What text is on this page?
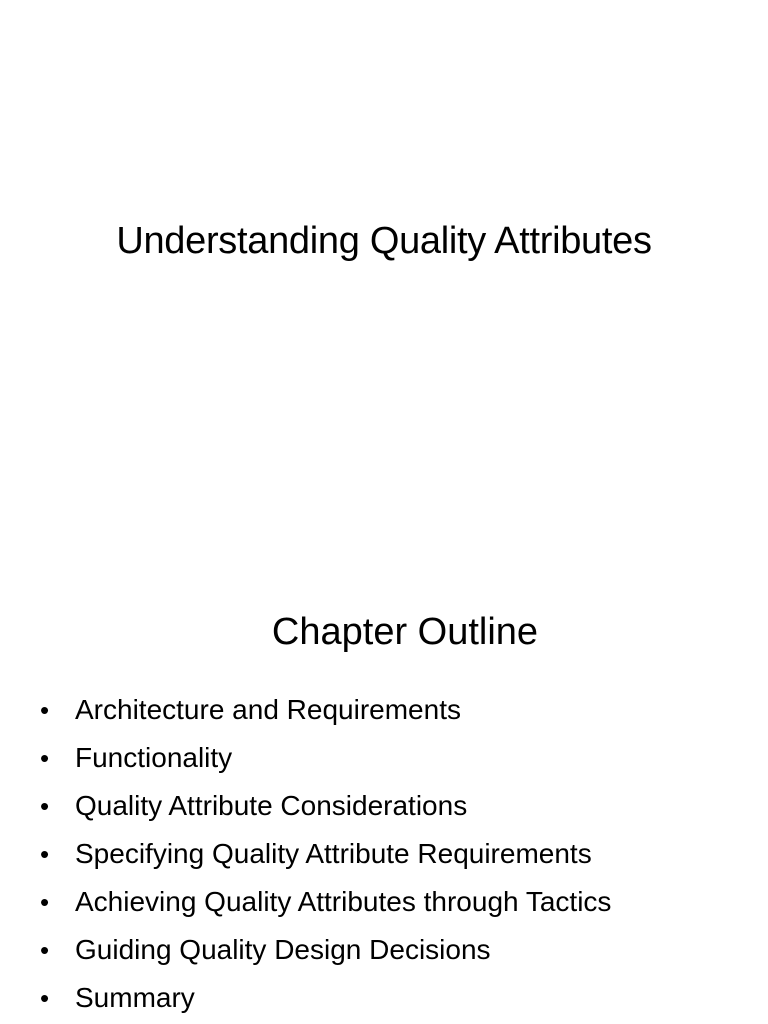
Understanding Quality Attributes
Chapter Outline
• Architecture and Requirements
• Functionality
• Quality Attribute Considerations
• Specifying Quality Attribute Requirements
• Achieving Quality Attributes through Tactics
• Guiding Quality Design Decisions
• Summary
